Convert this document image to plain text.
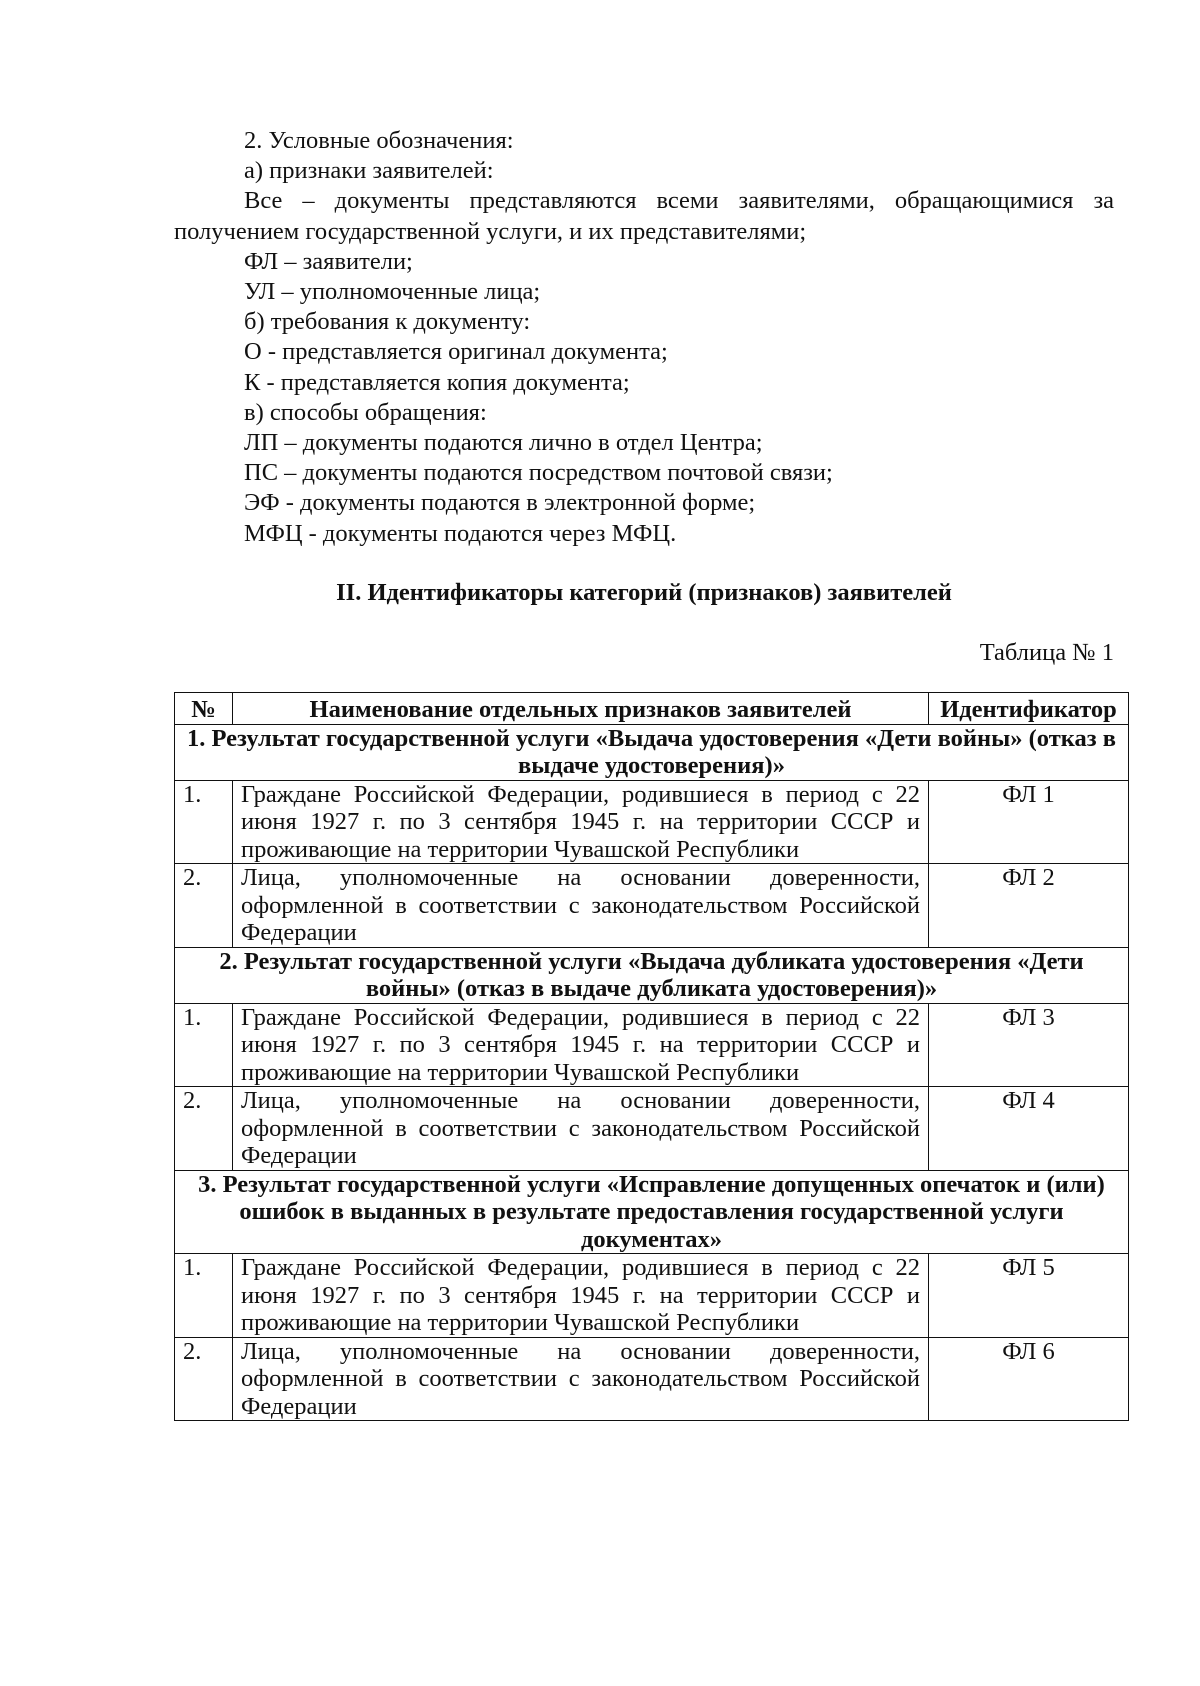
2. Условные обозначения:

а) признаки заявителей:

Все – документы представляются всеми заявителями, обращающимися за получением государственной услуги, и их представителями;

ФЛ – заявители;

УЛ – уполномоченные лица;

б) требования к документу:

О - представляется оригинал документа;

К - представляется копия документа;

в) способы обращения:

ЛП – документы подаются лично в отдел Центра;

ПС – документы подаются посредством почтовой связи;

ЭФ - документы подаются в электронной форме;

МФЦ - документы подаются через МФЦ.

II. Идентификаторы категорий (признаков) заявителей
Таблица № 1
№	Наименование отдельных признаков заявителей	Идентификатор
1. Результат государственной услуги «Выдача удостоверения «Дети войны» (отказ в выдаче удостоверения)»		
1.	Граждане Российской Федерации, родившиеся в период с 22 июня 1927 г. по 3 сентября 1945 г. на территории СССР и проживающие на территории Чувашской Республики	ФЛ 1
2.	Лица, уполномоченные на основании доверенности, оформленной в соответствии с законодательством Российской Федерации	ФЛ 2
2. Результат государственной услуги «Выдача дубликата удостоверения «Дети войны» (отказ в выдаче дубликата удостоверения)»		
1.	Граждане Российской Федерации, родившиеся в период с 22 июня 1927 г. по 3 сентября 1945 г. на территории СССР и проживающие на территории Чувашской Республики	ФЛ 3
2.	Лица, уполномоченные на основании доверенности, оформленной в соответствии с законодательством Российской Федерации	ФЛ 4
3. Результат государственной услуги «Исправление допущенных опечаток и (или) ошибок в выданных в результате предоставления государственной услуги документах»		
1.	Граждане Российской Федерации, родившиеся в период с 22 июня 1927 г. по 3 сентября 1945 г. на территории СССР и проживающие на территории Чувашской Республики	ФЛ 5
2.	Лица, уполномоченные на основании доверенности, оформленной в соответствии с законодательством Российской Федерации	ФЛ 6
